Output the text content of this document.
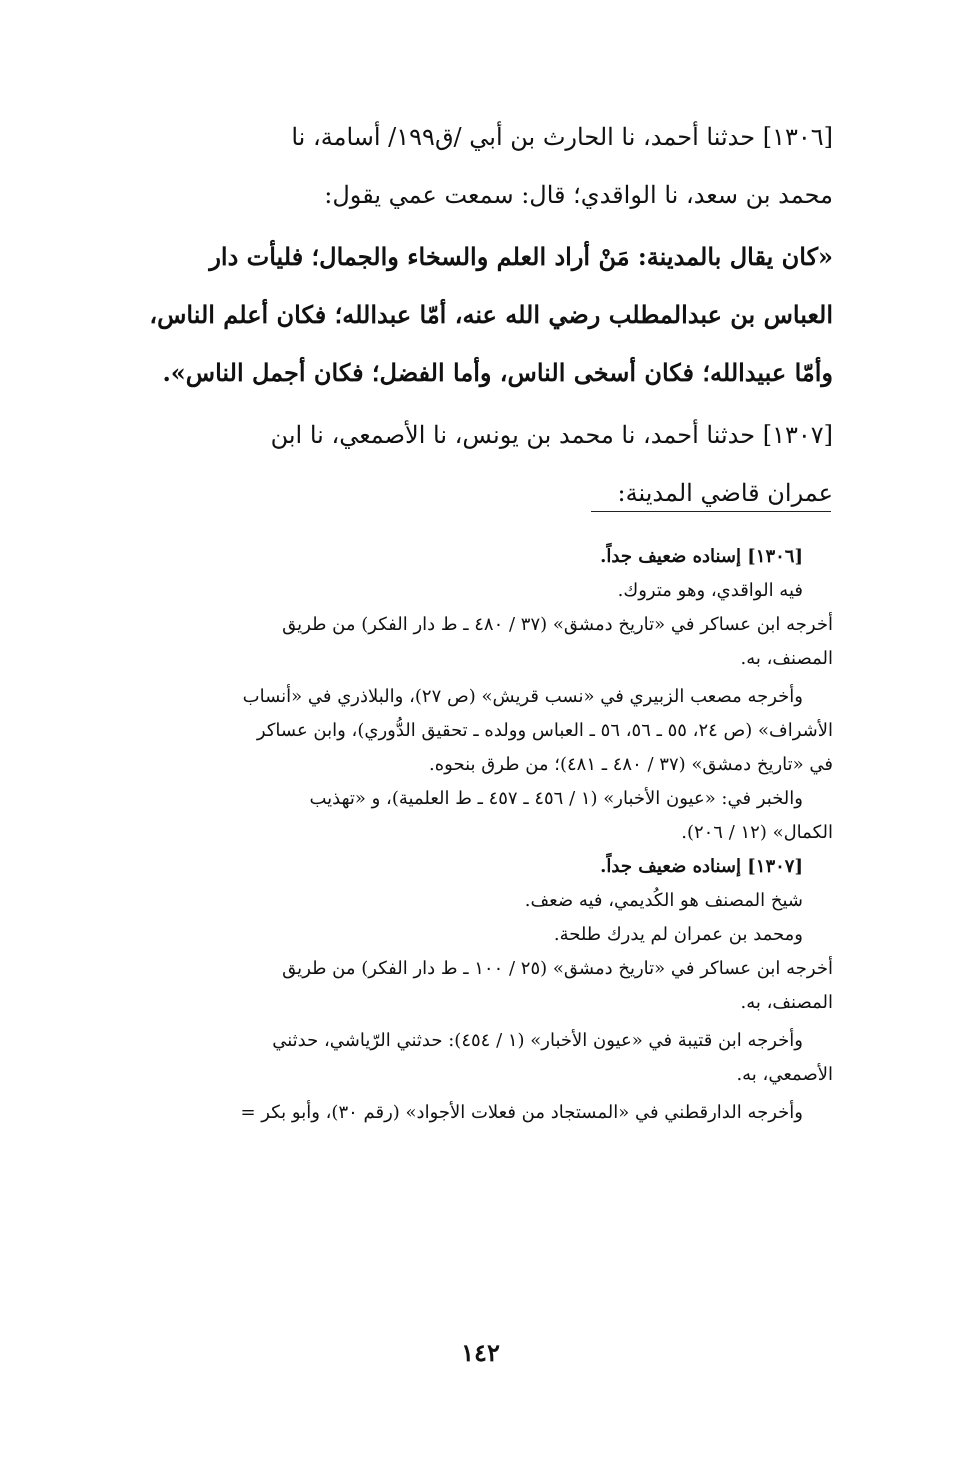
[١٣٠٦] حدثنا أحمد، نا الحارث بن أبي /ق١٩٩/ أسامة، نا
محمد بن سعد، نا الواقدي؛ قال: سمعت عمي يقول:
«كان يقال بالمدينة: مَنْ أراد العلم والسخاء والجمال؛ فليأت دار
العباس بن عبدالمطلب رضي الله عنه، أمّا عبدالله؛ فكان أعلم الناس،
وأمّا عبيدالله؛ فكان أسخى الناس، وأما الفضل؛ فكان أجمل الناس».
[١٣٠٧] حدثنا أحمد، نا محمد بن يونس، نا الأصمعي، نا ابن
عمران قاضي المدينة:
[١٣٠٦] إسناده ضعيف جداً.
فيه الواقدي، وهو متروك.
أخرجه ابن عساكر في «تاريخ دمشق» (٣٧ / ٤٨٠ ـ ط دار الفكر) من طريق
المصنف، به.
وأخرجه مصعب الزبيري في «نسب قريش» (ص ٢٧)، والبلاذري في «أنساب
الأشراف» (ص ٢٤، ٥٥ ـ ٥٦، ٥٦ ـ العباس وولده ـ تحقيق الدُّوري)، وابن عساكر
في «تاريخ دمشق» (٣٧ / ٤٨٠ ـ ٤٨١)؛ من طرق بنحوه.
والخبر في: «عيون الأخبار» (١ / ٤٥٦ ـ ٤٥٧ ـ ط العلمية)، و «تهذيب
الكمال» (١٢ / ٢٠٦).
[١٣٠٧] إسناده ضعيف جداً.
شيخ المصنف هو الكُديمي، فيه ضعف.
ومحمد بن عمران لم يدرك طلحة.
أخرجه ابن عساكر في «تاريخ دمشق» (٢٥ / ١٠٠ ـ ط دار الفكر) من طريق
المصنف، به.
وأخرجه ابن قتيبة في «عيون الأخبار» (١ / ٤٥٤): حدثني الرّياشي، حدثني
الأصمعي، به.
وأخرجه الدارقطني في «المستجاد من فعلات الأجواد» (رقم ٣٠)، وأبو بكر =
١٤٢
